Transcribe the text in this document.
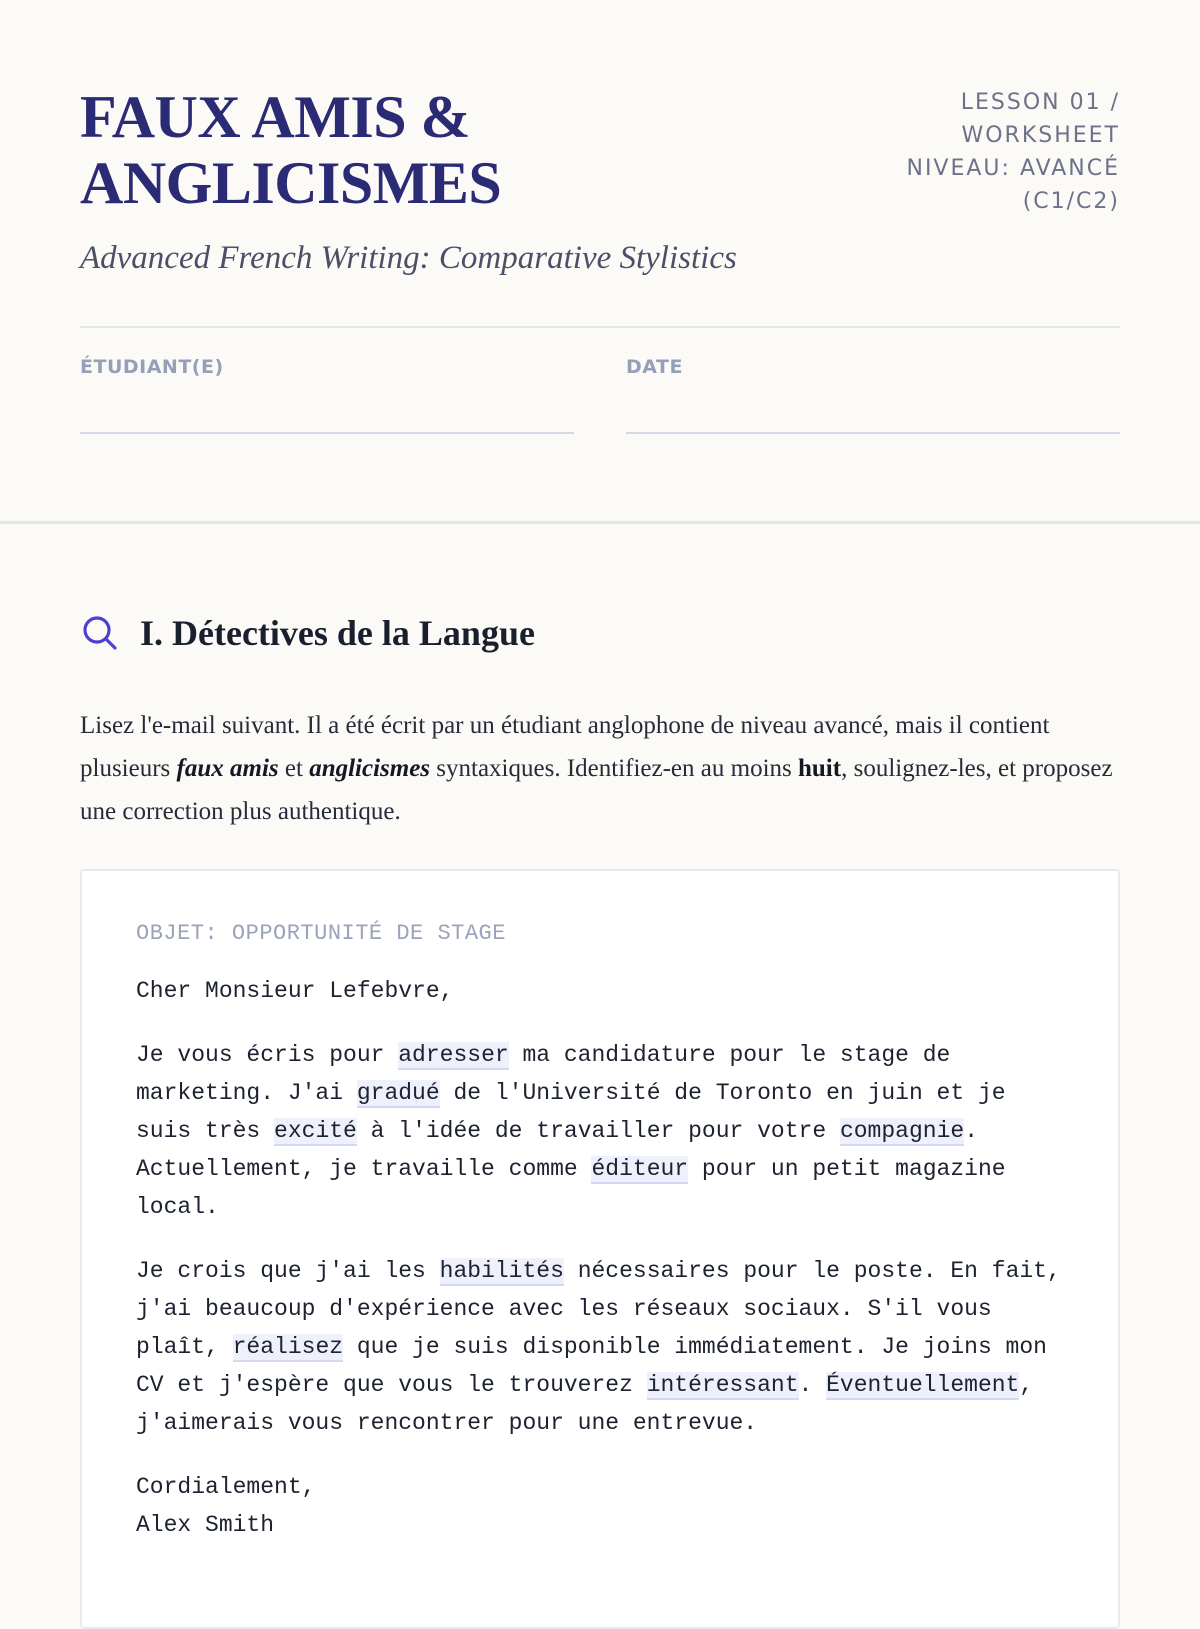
FAUX AMIS &
ANGLICISMES
LESSON 01 /
WORKSHEET
NIVEAU: AVANCÉ
(C1/C2)
Advanced French Writing: Comparative Stylistics
ÉTUDIANT(E)	DATE
I. Détectives de la Langue
Lisez l'e-mail suivant. Il a été écrit par un étudiant anglophone de niveau avancé, mais il contient plusieurs faux amis et anglicismes syntaxiques. Identifiez-en au moins huit, soulignez-les, et proposez une correction plus authentique.
OBJET: OPPORTUNITÉ DE STAGE

Cher Monsieur Lefebvre,

Je vous écris pour adresser ma candidature pour le stage de marketing. J'ai gradué de l'Université de Toronto en juin et je suis très excité à l'idée de travailler pour votre compagnie. Actuellement, je travaille comme éditeur pour un petit magazine local.

Je crois que j'ai les habilités nécessaires pour le poste. En fait, j'ai beaucoup d'expérience avec les réseaux sociaux. S'il vous plaît, réalisez que je suis disponible immédiatement. Je joins mon CV et j'espère que vous le trouverez intéressant. Éventuellement, j'aimerais vous rencontrer pour une entrevue.

Cordialement,
Alex Smith
